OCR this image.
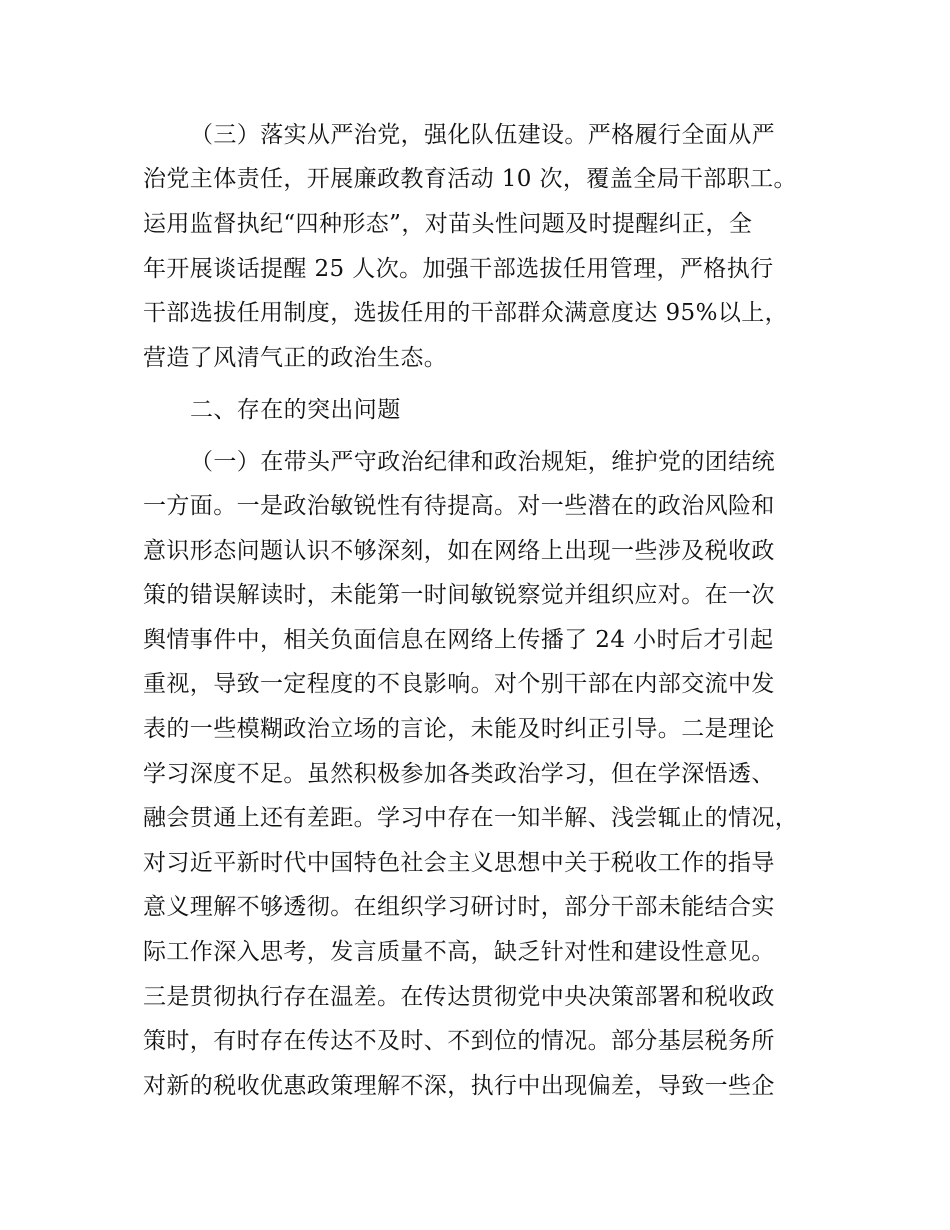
（三）落实从严治党，强化队伍建设。严格履行全面从严
治党主体责任，开展廉政教育活动 10 次，覆盖全局干部职工。
运用监督执纪“四种形态”，对苗头性问题及时提醒纠正，全
年开展谈话提醒 25 人次。加强干部选拔任用管理，严格执行
干部选拔任用制度，选拔任用的干部群众满意度达 95%以上，
营造了风清气正的政治生态。
二、存在的突出问题
（一）在带头严守政治纪律和政治规矩，维护党的团结统
一方面。一是政治敏锐性有待提高。对一些潜在的政治风险和
意识形态问题认识不够深刻，如在网络上出现一些涉及税收政
策的错误解读时，未能第一时间敏锐察觉并组织应对。在一次
舆情事件中，相关负面信息在网络上传播了 24 小时后才引起
重视，导致一定程度的不良影响。对个别干部在内部交流中发
表的一些模糊政治立场的言论，未能及时纠正引导。二是理论
学习深度不足。虽然积极参加各类政治学习，但在学深悟透、
融会贯通上还有差距。学习中存在一知半解、浅尝辄止的情况，
对习近平新时代中国特色社会主义思想中关于税收工作的指导
意义理解不够透彻。在组织学习研讨时，部分干部未能结合实
际工作深入思考，发言质量不高，缺乏针对性和建设性意见。
三是贯彻执行存在温差。在传达贯彻党中央决策部署和税收政
策时，有时存在传达不及时、不到位的情况。部分基层税务所
对新的税收优惠政策理解不深，执行中出现偏差，导致一些企
